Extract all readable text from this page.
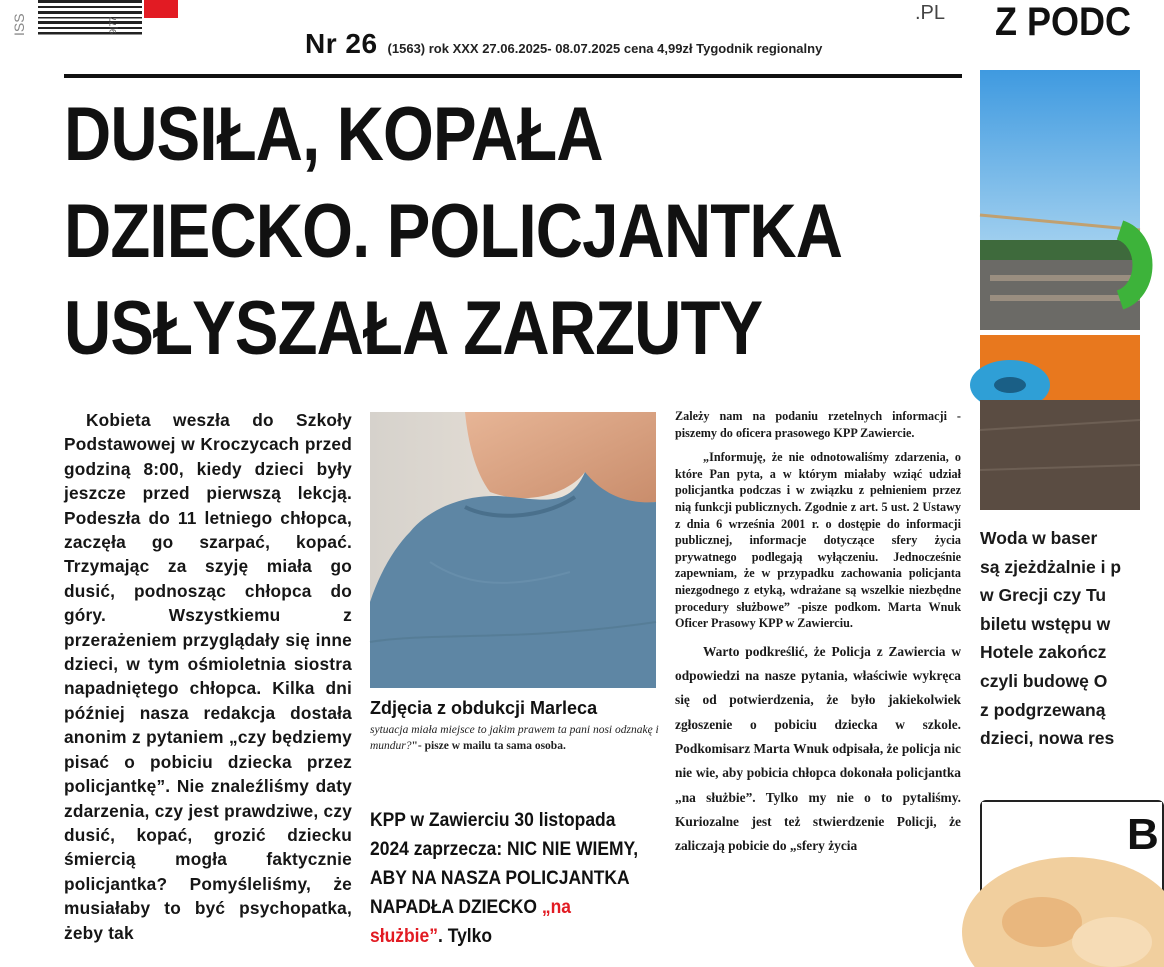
ISS	9|77
.PL
Nr 26 (1563) rok XXX 27.06.2025- 08.07.2025 cena 4,99zł Tygodnik regionalny
DUSIŁA, KOPAŁA
DZIECKO. POLICJANTKA
USŁYSZAŁA ZARZUTY

Kobieta weszła do Szkoły Podstawowej w Kroczycach przed godziną 8:00, kiedy dzieci były jeszcze przed pierwszą lekcją. Podeszła do 11 letniego chłopca, zaczęła go szarpać, kopać. Trzymając za szyję miała go dusić, podnosząc chłopca do góry. Wszystkiemu z przerażeniem przyglądały się inne dzieci, w tym ośmioletnia siostra napadniętego chłopca. Kilka dni później nasza redakcja dostała anonim z pytaniem „czy będziemy pisać o pobiciu dziecka przez policjantkę”. Nie znaleźliśmy daty zdarzenia, czy jest prawdziwe, czy dusić, kopać, grozić dziecku śmiercią mogła faktycznie policjantka? Pomyśleliśmy, że musiałaby to być psychopatka, żeby tak

Zdjęcia z obdukcji Marleca
sytuacja miała miejsce to jakim prawem ta pani nosi odznakę i mundur?"- pisze w mailu ta sama osoba.
KPP w Zawierciu 30 listopada 2024 zaprzecza: NIC NIE WIEMY, ABY NA NASZA POLICJANTKA NAPADŁA DZIECKO „na służbie”. Tylko

Zależy nam na podaniu rzetelnych informacji -piszemy do oficera prasowego KPP Zawiercie.

„Informuję, że nie odnotowaliśmy zdarzenia, o które Pan pyta, a w którym miałaby wziąć udział policjantka podczas i w związku z pełnieniem przez nią funkcji publicznych. Zgodnie z art. 5 ust. 2 Ustawy z dnia 6 września 2001 r. o dostępie do informacji publicznej, informacje dotyczące sfery życia prywatnego podlegają wyłączeniu. Jednocześnie zapewniam, że w przypadku zachowania policjanta niezgodnego z etyką, wdrażane są wszelkie niezbędne procedury służbowe” -pisze podkom. Marta Wnuk Oficer Prasowy KPP w Zawierciu.

Warto podkreślić, że Policja z Zawiercia w odpowiedzi na nasze pytania, właściwie wykręca się od potwierdzenia, że było jakiekolwiek zgłoszenie o pobiciu dziecka w szkole. Podkomisarz Marta Wnuk odpisała, że policja nic nie wie, aby pobicia chłopca dokonała policjantka „na służbie”. Tylko my nie o to pytaliśmy. Kuriozalne jest też stwierdzenie Policji, że zaliczają pobicie do „sfery życia

Z PODC
Woda w baser
są zjeżdżalnie i p
w Grecji czy Tu
biletu wstępu w
Hotele zakończ
czyli budowę O
z podgrzewaną
dzieci, nowa res
B
